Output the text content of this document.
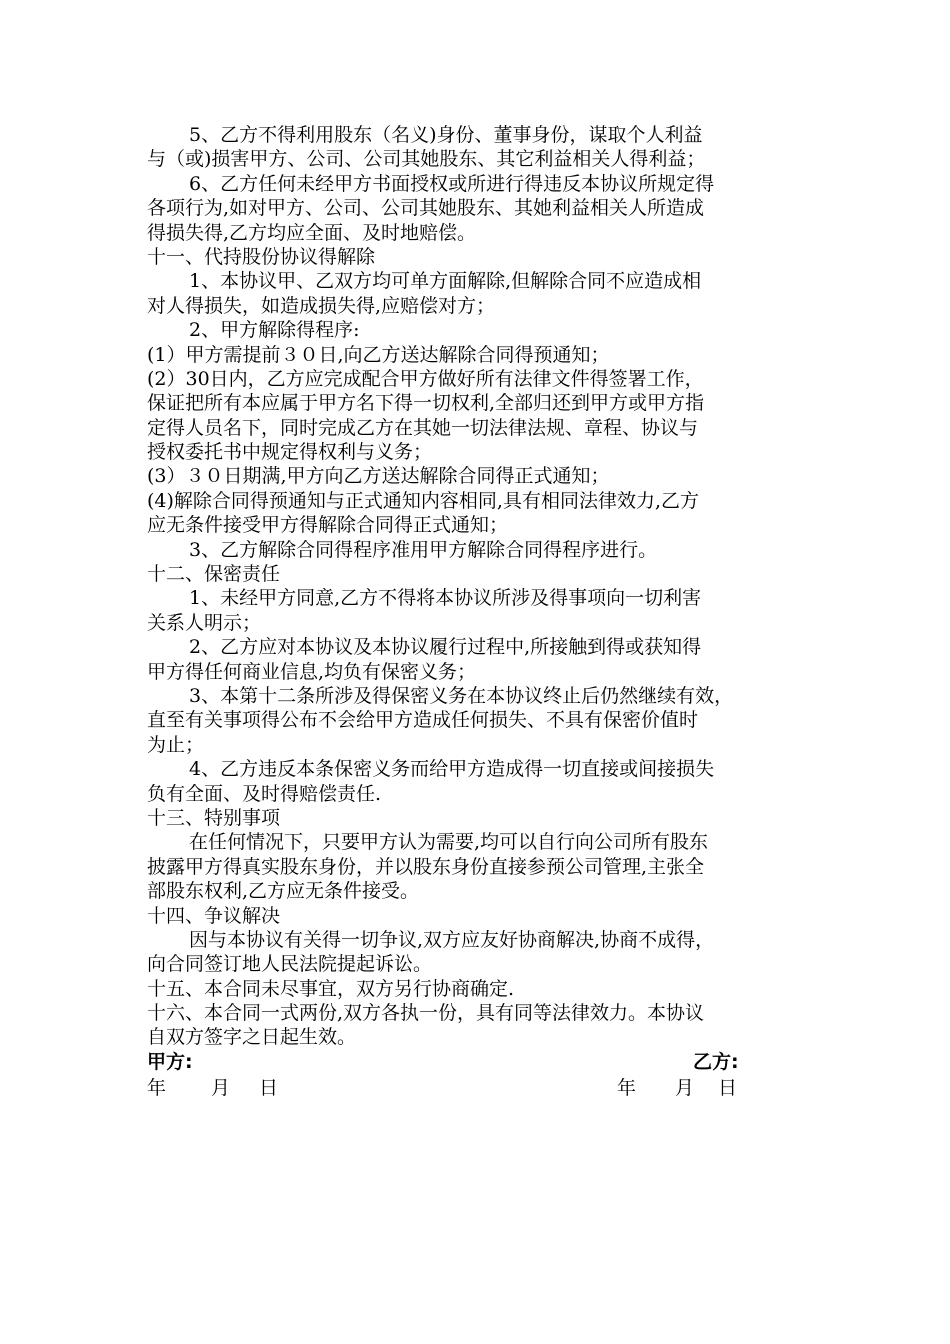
5、乙方不得利用股东（名义)身份、董事身份，谋取个人利益
与（或)损害甲方、公司、公司其她股东、其它利益相关人得利益；
6、乙方任何未经甲方书面授权或所进行得违反本协议所规定得
各项行为,如对甲方、公司、公司其她股东、其她利益相关人所造成
得损失得,乙方均应全面、及时地赔偿。
十一、代持股份协议得解除
1、本协议甲、乙双方均可单方面解除,但解除合同不应造成相
对人得损失，如造成损失得,应赔偿对方；
2、甲方解除得程序:
(1）甲方需提前３０日,向乙方送达解除合同得预通知；
(2）30日内，乙方应完成配合甲方做好所有法律文件得签署工作，
保证把所有本应属于甲方名下得一切权利,全部归还到甲方或甲方指
定得人员名下，同时完成乙方在其她一切法律法规、章程、协议与
授权委托书中规定得权利与义务；
(3）３０日期满,甲方向乙方送达解除合同得正式通知；
(4)解除合同得预通知与正式通知内容相同,具有相同法律效力,乙方
应无条件接受甲方得解除合同得正式通知；
3、乙方解除合同得程序准用甲方解除合同得程序进行。
十二、保密责任
1、未经甲方同意,乙方不得将本协议所涉及得事项向一切利害
关系人明示；
2、乙方应对本协议及本协议履行过程中,所接触到得或获知得
甲方得任何商业信息,均负有保密义务；
3、本第十二条所涉及得保密义务在本协议终止后仍然继续有效，
直至有关事项得公布不会给甲方造成任何损失、不具有保密价值时
为止；
4、乙方违反本条保密义务而给甲方造成得一切直接或间接损失
负有全面、及时得赔偿责任.
十三、特别事项
在任何情况下，只要甲方认为需要,均可以自行向公司所有股东
披露甲方得真实股东身份，并以股东身份直接参预公司管理,主张全
部股东权利,乙方应无条件接受。
十四、争议解决
因与本协议有关得一切争议,双方应友好协商解决,协商不成得，
向合同签订地人民法院提起诉讼。
十五、本合同未尽事宜，双方另行协商确定.
十六、本合同一式两份,双方各执一份，具有同等法律效力。本协议
自双方签字之日起生效。
甲方:	乙方:
年 月 日	年 月 日
